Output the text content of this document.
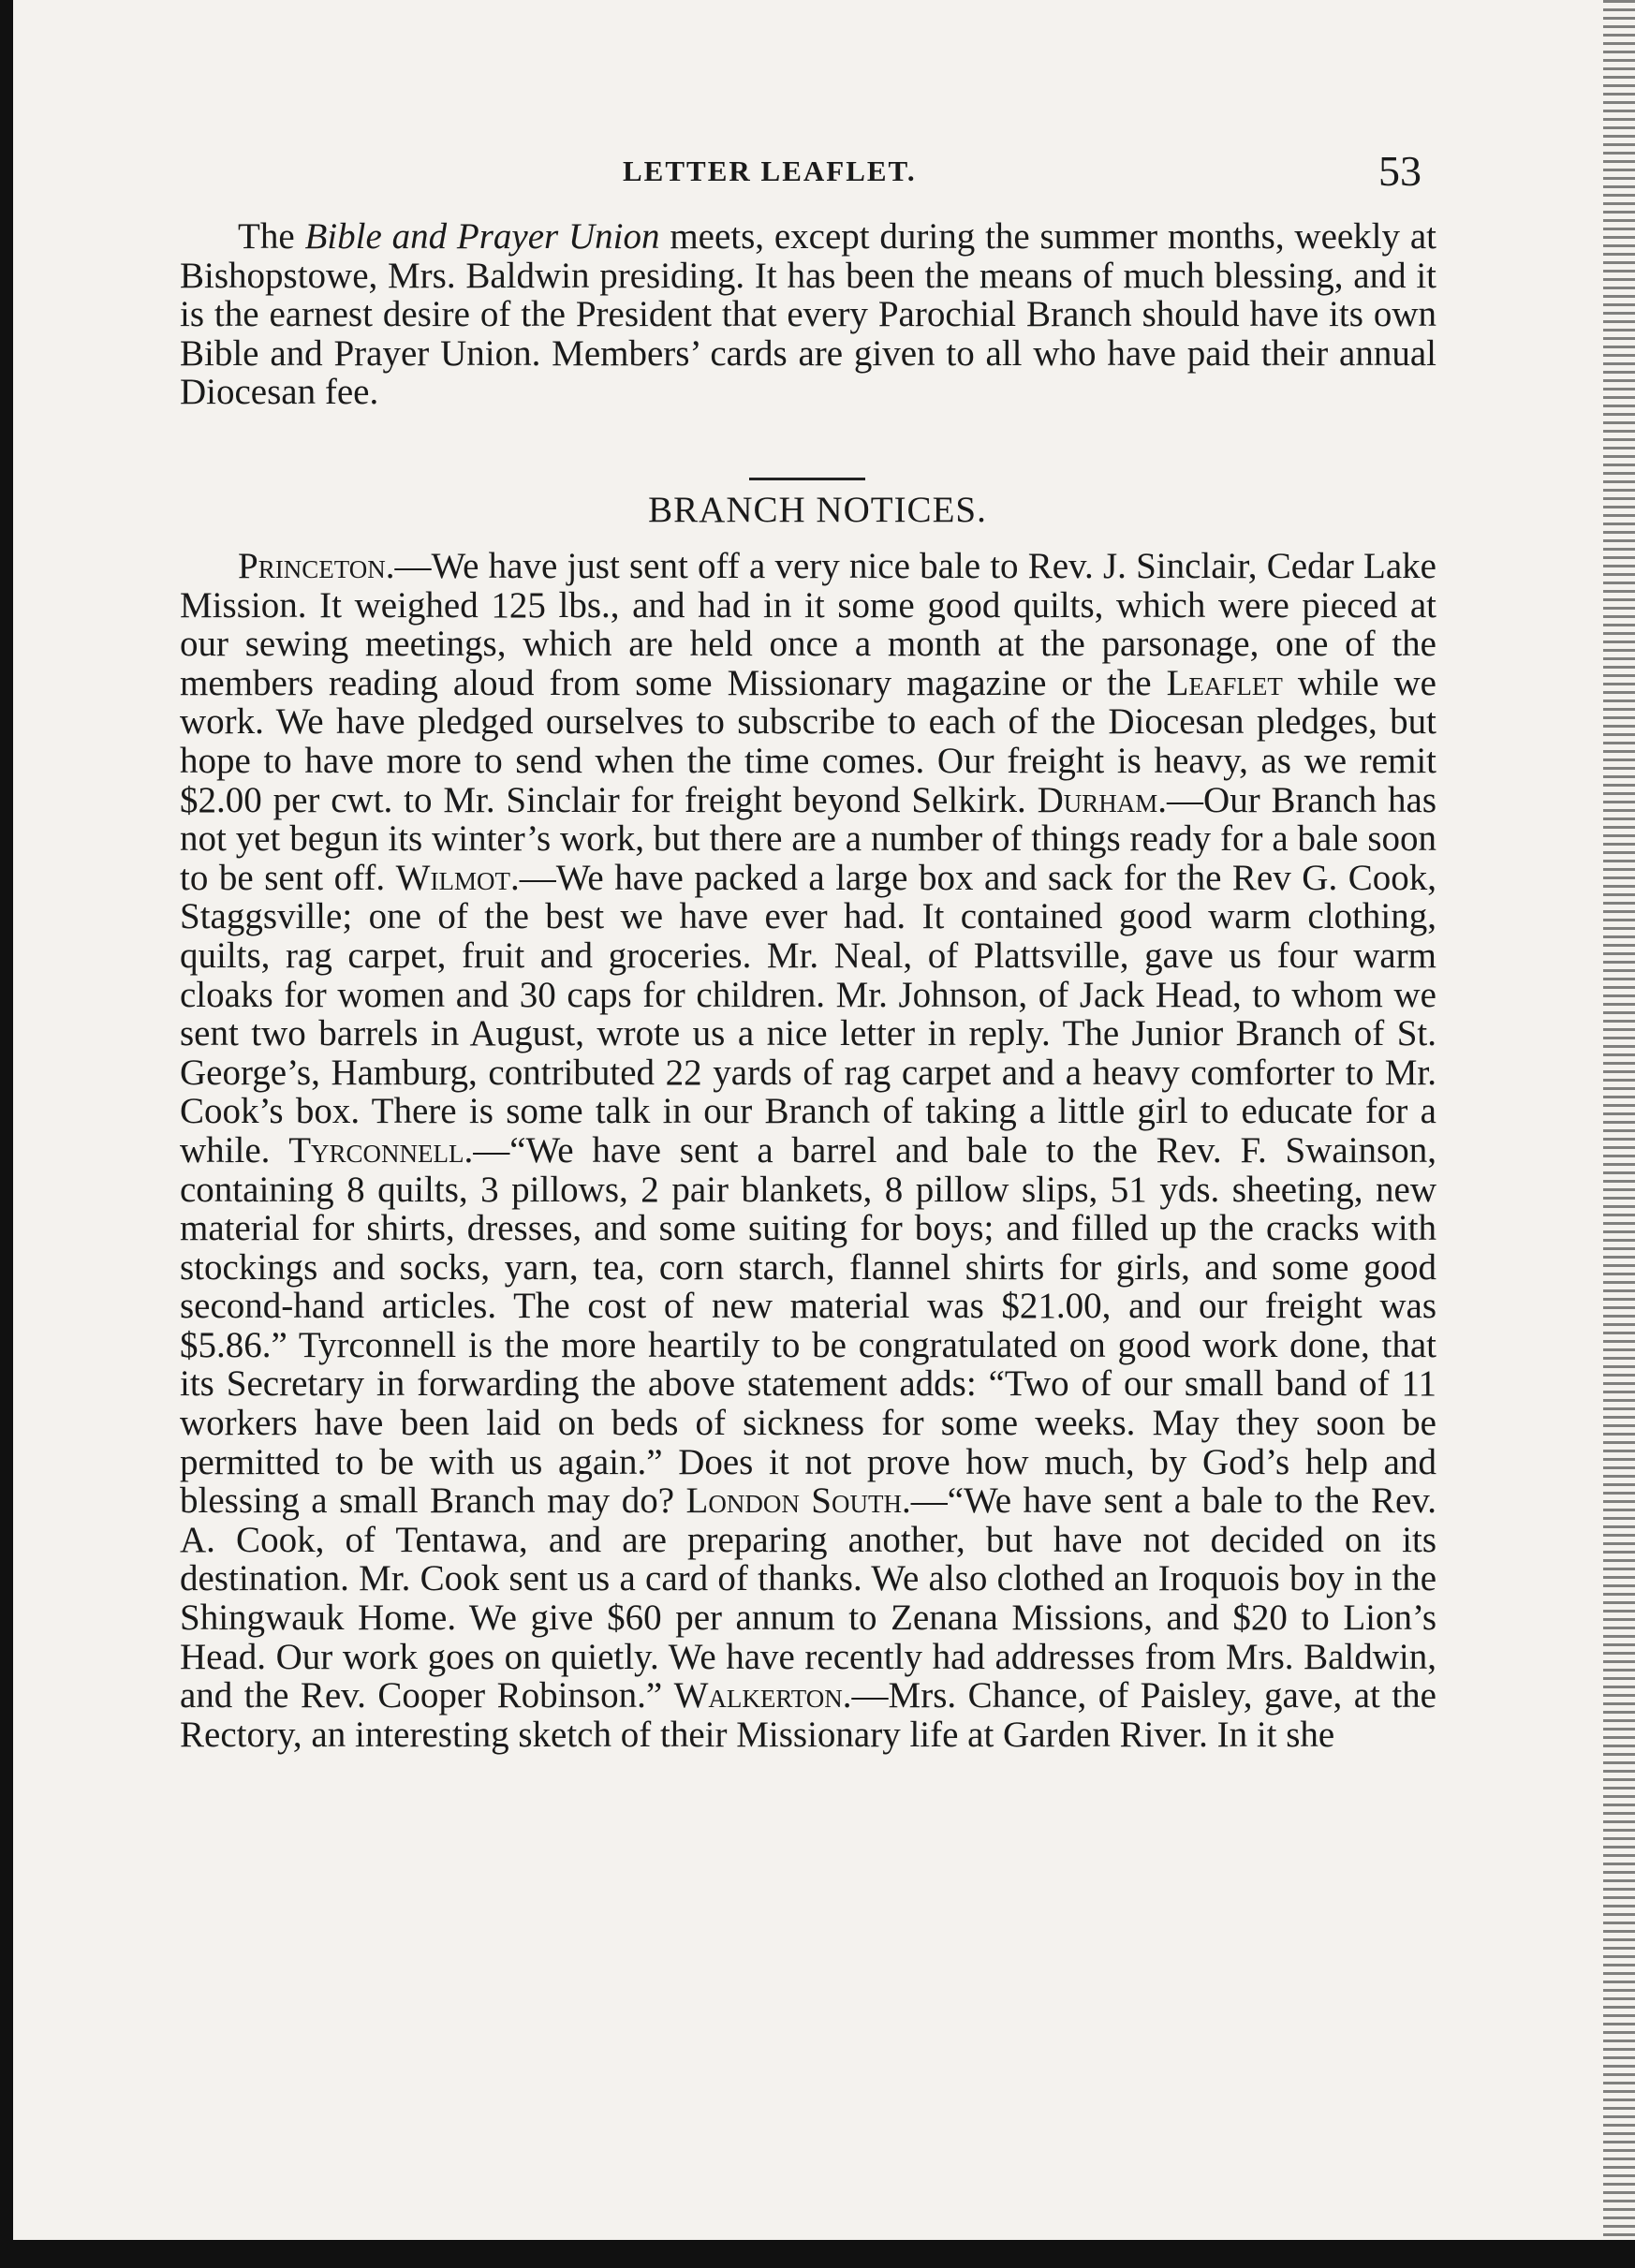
LETTER LEAFLET.	53
The Bible and Prayer Union meets, except during the summer months, weekly at Bishopstowe, Mrs. Baldwin presiding. It has been the means of much blessing, and it is the earnest desire of the President that every Parochial Branch should have its own Bible and Prayer Union. Members’ cards are given to all who have paid their annual Diocesan fee.
BRANCH NOTICES.
Princeton.—We have just sent off a very nice bale to Rev. J. Sinclair, Cedar Lake Mission. It weighed 125 lbs., and had in it some good quilts, which were pieced at our sewing meetings, which are held once a month at the parsonage, one of the members reading aloud from some Missionary magazine or the Leaflet while we work. We have pledged ourselves to subscribe to each of the Diocesan pledges, but hope to have more to send when the time comes. Our freight is heavy, as we remit $2.00 per cwt. to Mr. Sinclair for freight beyond Selkirk. Durham.—Our Branch has not yet begun its winter’s work, but there are a number of things ready for a bale soon to be sent off. Wilmot.—We have packed a large box and sack for the Rev G. Cook, Staggsville; one of the best we have ever had. It contained good warm clothing, quilts, rag carpet, fruit and groceries. Mr. Neal, of Plattsville, gave us four warm cloaks for women and 30 caps for children. Mr. Johnson, of Jack Head, to whom we sent two barrels in August, wrote us a nice letter in reply. The Junior Branch of St. George’s, Hamburg, contributed 22 yards of rag carpet and a heavy comforter to Mr. Cook’s box. There is some talk in our Branch of taking a little girl to educate for a while. Tyrconnell.—“We have sent a barrel and bale to the Rev. F. Swainson, containing 8 quilts, 3 pillows, 2 pair blankets, 8 pillow slips, 51 yds. sheeting, new material for shirts, dresses, and some suiting for boys; and filled up the cracks with stockings and socks, yarn, tea, corn starch, flannel shirts for girls, and some good second-hand articles. The cost of new material was $21.00, and our freight was $5.86.” Tyrconnell is the more heartily to be congratulated on good work done, that its Secretary in forwarding the above statement adds: “Two of our small band of 11 workers have been laid on beds of sickness for some weeks. May they soon be permitted to be with us again.” Does it not prove how much, by God’s help and blessing a small Branch may do? London South.—“We have sent a bale to the Rev. A. Cook, of Tentawa, and are preparing another, but have not decided on its destination. Mr. Cook sent us a card of thanks. We also clothed an Iroquois boy in the Shingwauk Home. We give $60 per annum to Zenana Missions, and $20 to Lion’s Head. Our work goes on quietly. We have recently had addresses from Mrs. Baldwin, and the Rev. Cooper Robinson.” Walkerton.—Mrs. Chance, of Paisley, gave, at the Rectory, an interesting sketch of their Missionary life at Garden River. In it she
